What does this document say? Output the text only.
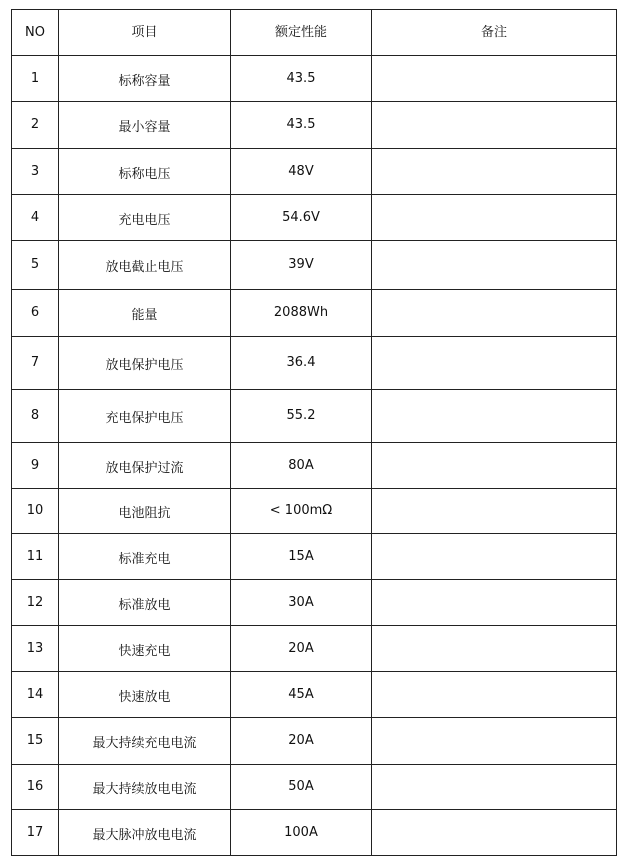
NO	项目	额定性能	备注
1	标称容量	43.5	
2	最小容量	43.5	
3	标称电压	48V	
4	充电电压	54.6V	
5	放电截止电压	39V	
6	能量	2088Wh	
7	放电保护电压	36.4	
8	充电保护电压	55.2	
9	放电保护过流	80A	
10	电池阻抗	< 100mΩ	
11	标准充电	15A	
12	标准放电	30A	
13	快速充电	20A	
14	快速放电	45A	
15	最大持续充电电流	20A	
16	最大持续放电电流	50A	
17	最大脉冲放电电流	100A	
